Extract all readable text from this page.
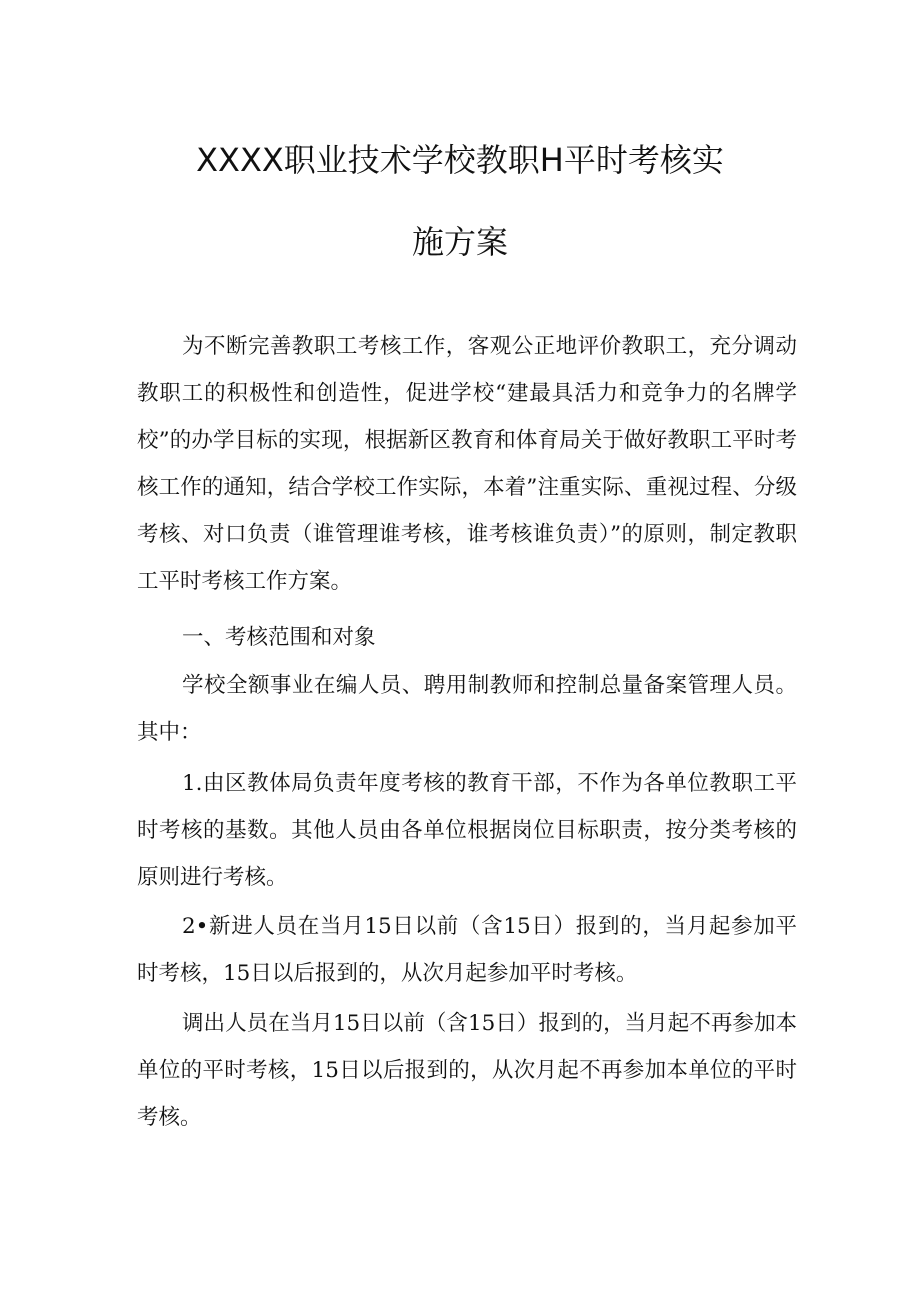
XXXX职业技术学校教职H平时考核实
施方案

为不断完善教职工考核工作，客观公正地评价教职工，充分调动教职工的积极性和创造性，促进学校“建最具活力和竞争力的名牌学校”的办学目标的实现，根据新区教育和体育局关于做好教职工平时考核工作的通知，结合学校工作实际，本着”注重实际、重视过程、分级考核、对口负责（谁管理谁考核，谁考核谁负责）”的原则，制定教职工平时考核工作方案。

一、考核范围和对象

学校全额事业在编人员、聘用制教师和控制总量备案管理人员。其中：

1.由区教体局负责年度考核的教育干部，不作为各单位教职工平时考核的基数。其他人员由各单位根据岗位目标职责，按分类考核的原则进行考核。

2•新进人员在当月15日以前（含15日）报到的，当月起参加平时考核，15日以后报到的，从次月起参加平时考核。

调出人员在当月15日以前（含15日）报到的，当月起不再参加本单位的平时考核，15日以后报到的，从次月起不再参加本单位的平时考核。
